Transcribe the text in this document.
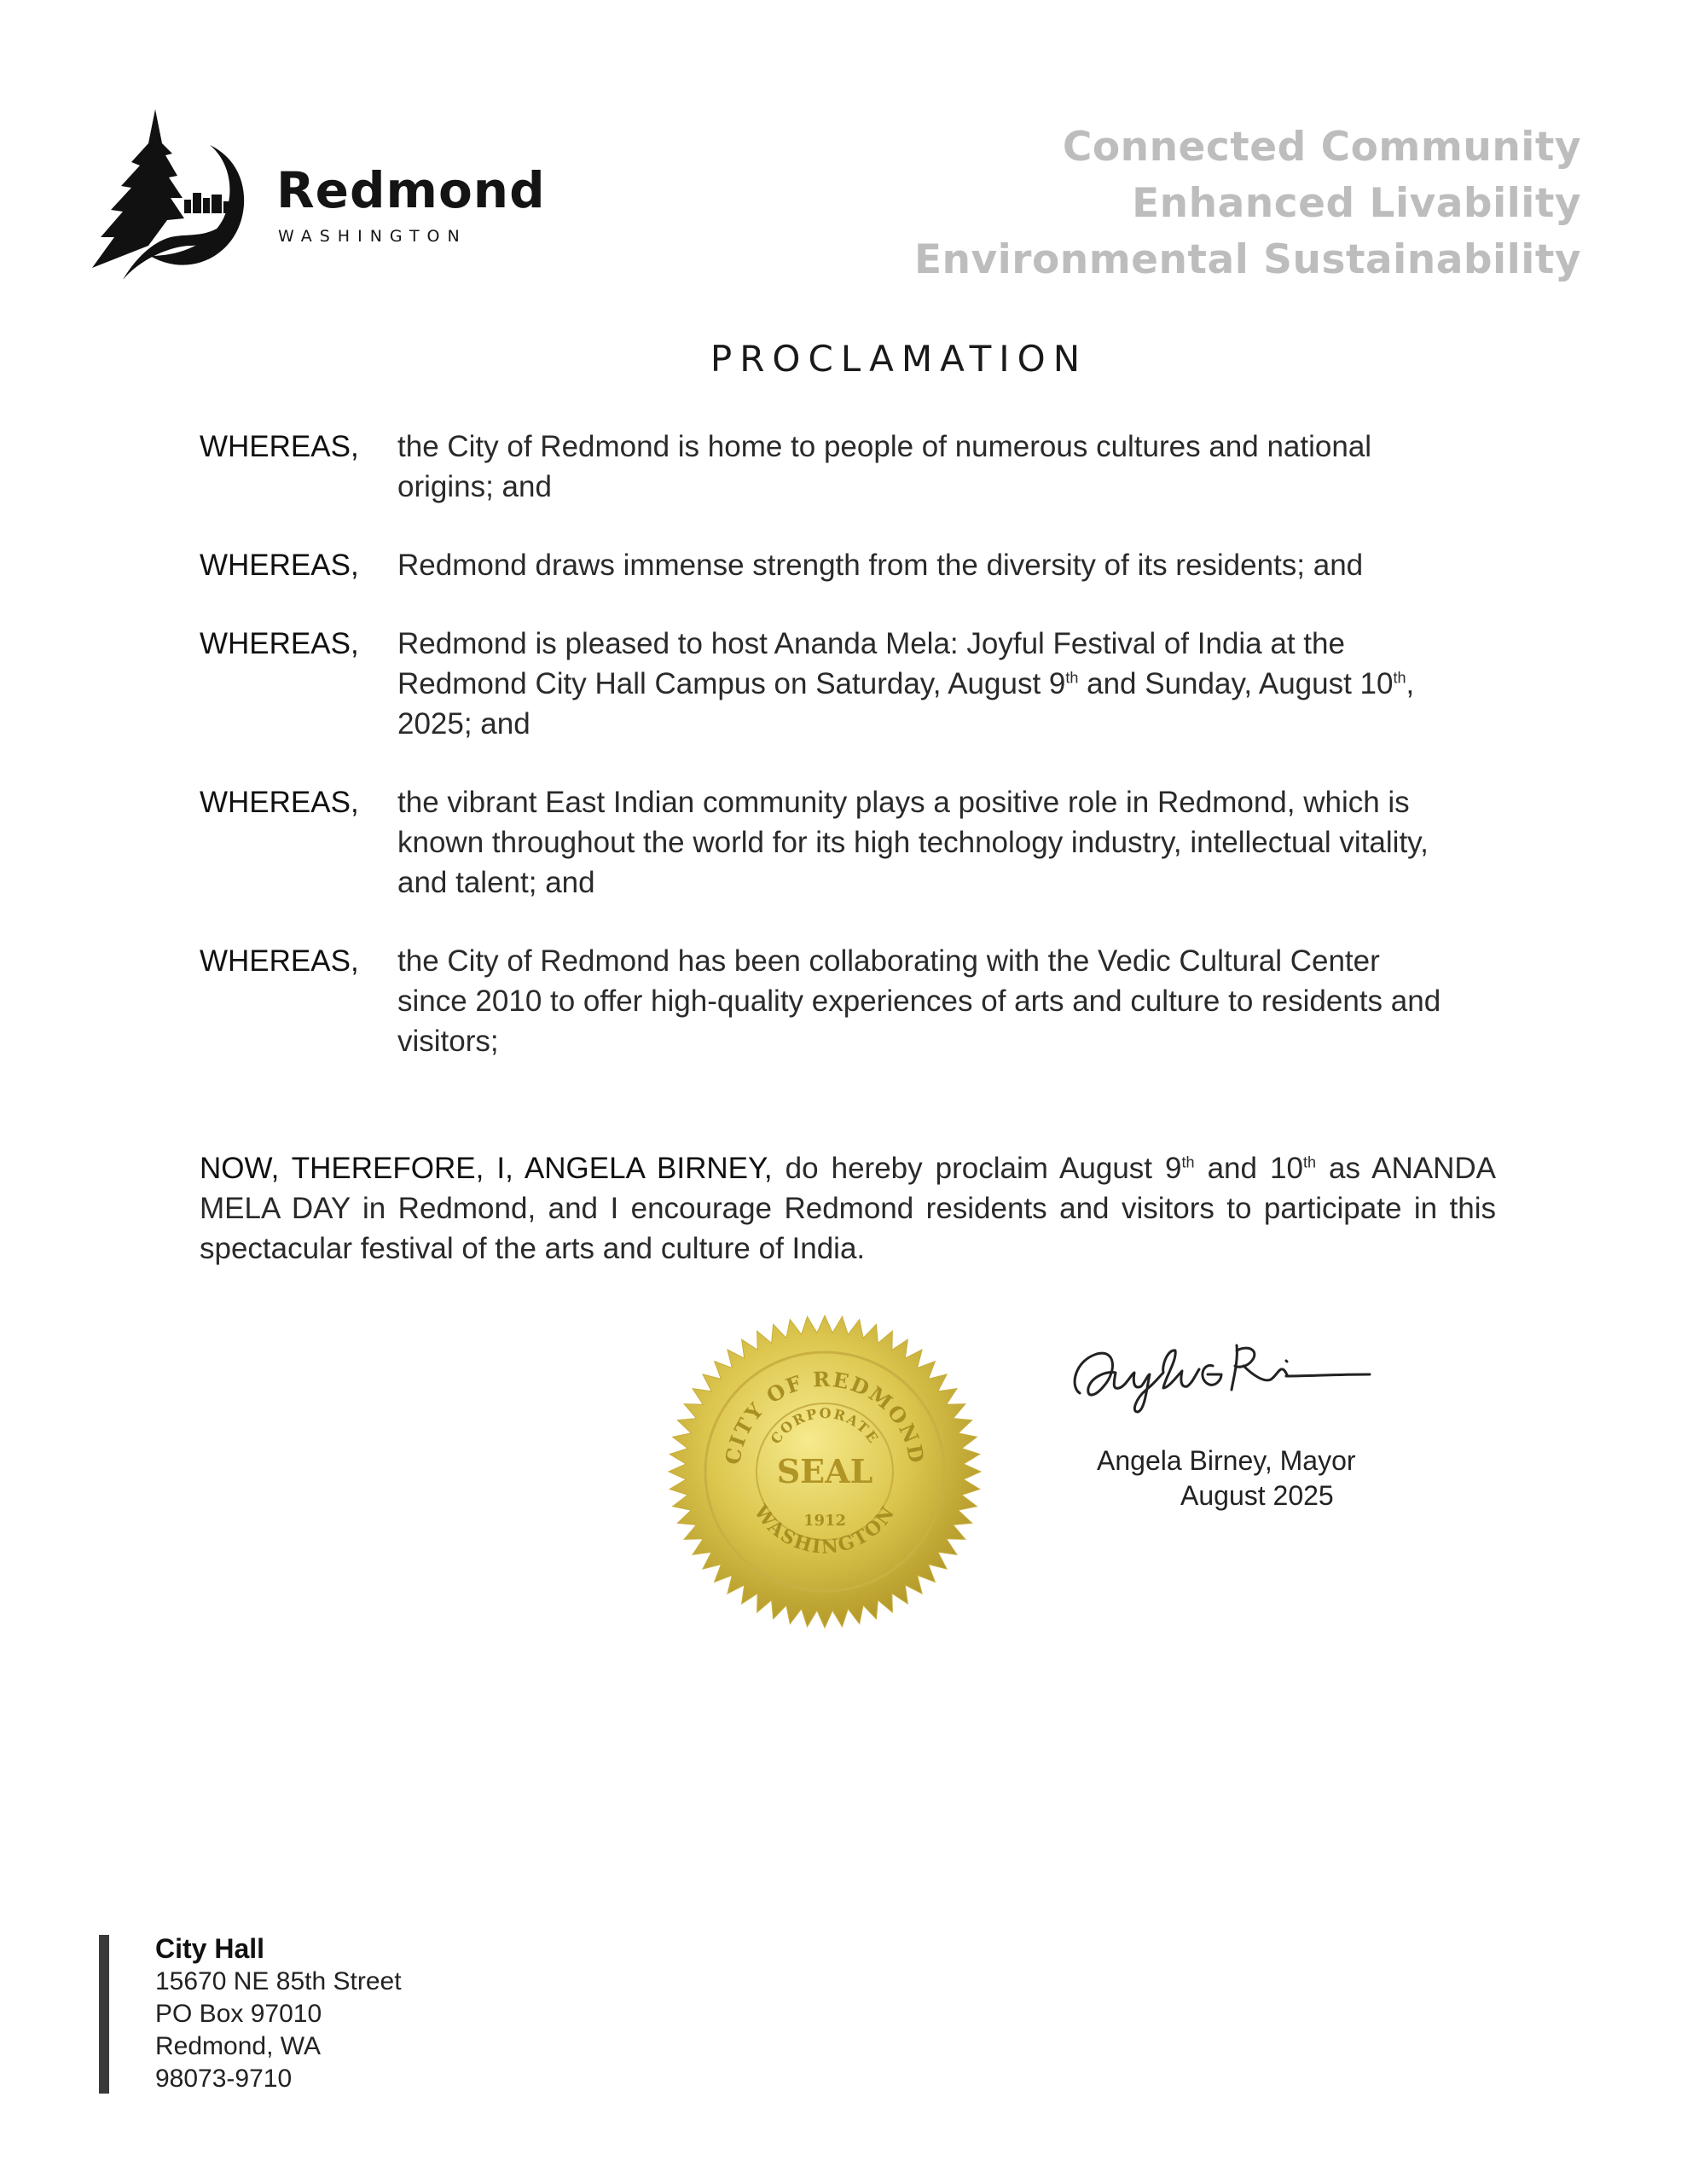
Redmond
WASHINGTON
Connected Community
Enhanced Livability
Environmental Sustainability
PROCLAMATION
WHEREAS,	the City of Redmond is home to people of numerous cultures and national origins; and
WHEREAS,	Redmond draws immense strength from the diversity of its residents; and
WHEREAS,	Redmond is pleased to host Ananda Mela: Joyful Festival of India at the Redmond City Hall Campus on Saturday, August 9th and Sunday, August 10th, 2025; and
WHEREAS,	the vibrant East Indian community plays a positive role in Redmond, which is known throughout the world for its high technology industry, intellectual vitality, and talent; and
WHEREAS,	the City of Redmond has been collaborating with the Vedic Cultural Center since 2010 to offer high-quality experiences of arts and culture to residents and visitors;
NOW, THEREFORE, I, ANGELA BIRNEY, do hereby proclaim August 9th and 10th as ANANDA MELA DAY in Redmond, and I encourage Redmond residents and visitors to participate in this spectacular festival of the arts and culture of India.
CITY OF REDMOND
CORPORATE
SEAL
1912
WASHINGTON
Angela Birney, Mayor
August 2025
City Hall
15670 NE 85th Street
PO Box 97010
Redmond, WA
98073-9710
